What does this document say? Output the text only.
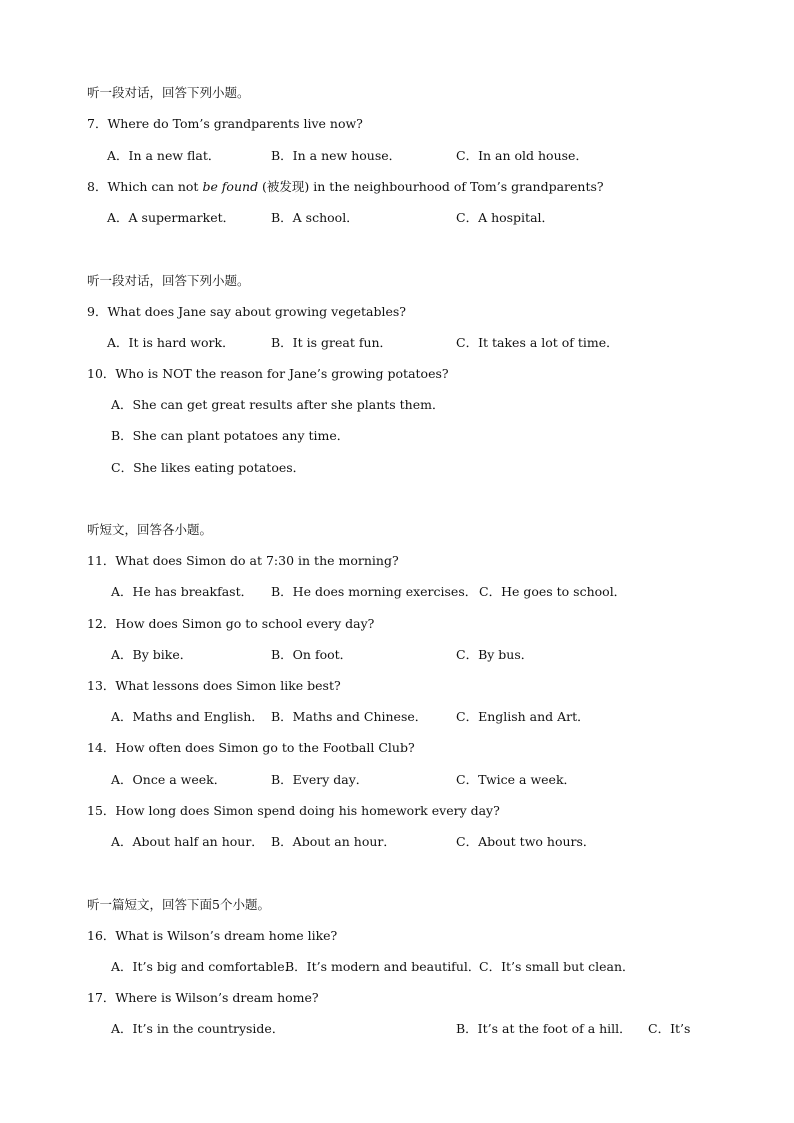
听一段对话，回答下列小题。
7．Where do Tom’s grandparents live now?
A．In a new flat．	B．In a new house．	C．In an old house．
8．Which can not be found (被发现) in the neighbourhood of Tom’s grandparents?
A．A supermarket．	B．A school．	C．A hospital．
听一段对话，回答下列小题。
9．What does Jane say about growing vegetables?
A．It is hard work．	B．It is great fun．	C．It takes a lot of time．
10．Who is NOT the reason for Jane’s growing potatoes?
A．She can get great results after she plants them．
B．She can plant potatoes any time．
C．She likes eating potatoes．
听短文，回答各小题。
11．What does Simon do at 7:30 in the morning?
A．He has breakfast． B．He does morning exercises． C．He goes to school．
12．How does Simon go to school every day?
A．By bike．	B．On foot．	C．By bus．
13．What lessons does Simon like best?
A．Maths and English． B．Maths and Chinese． C．English and Art．
14．How often does Simon go to the Football Club?
A．Once a week．	B．Every day．	C．Twice a week．
15．How long does Simon spend doing his homework every day?
A．About half an hour． B．About an hour．	C．About two hours．
听一篇短文，回答下面5个小题。
16．What is Wilson’s dream home like?
A．It’s big and comfortable．
B．It’s modern and beautiful．
C．It’s small but clean．
17．Where is Wilson’s dream home?
A．It’s in the countryside．	B．It’s at the foot of a hill． C．It’s
